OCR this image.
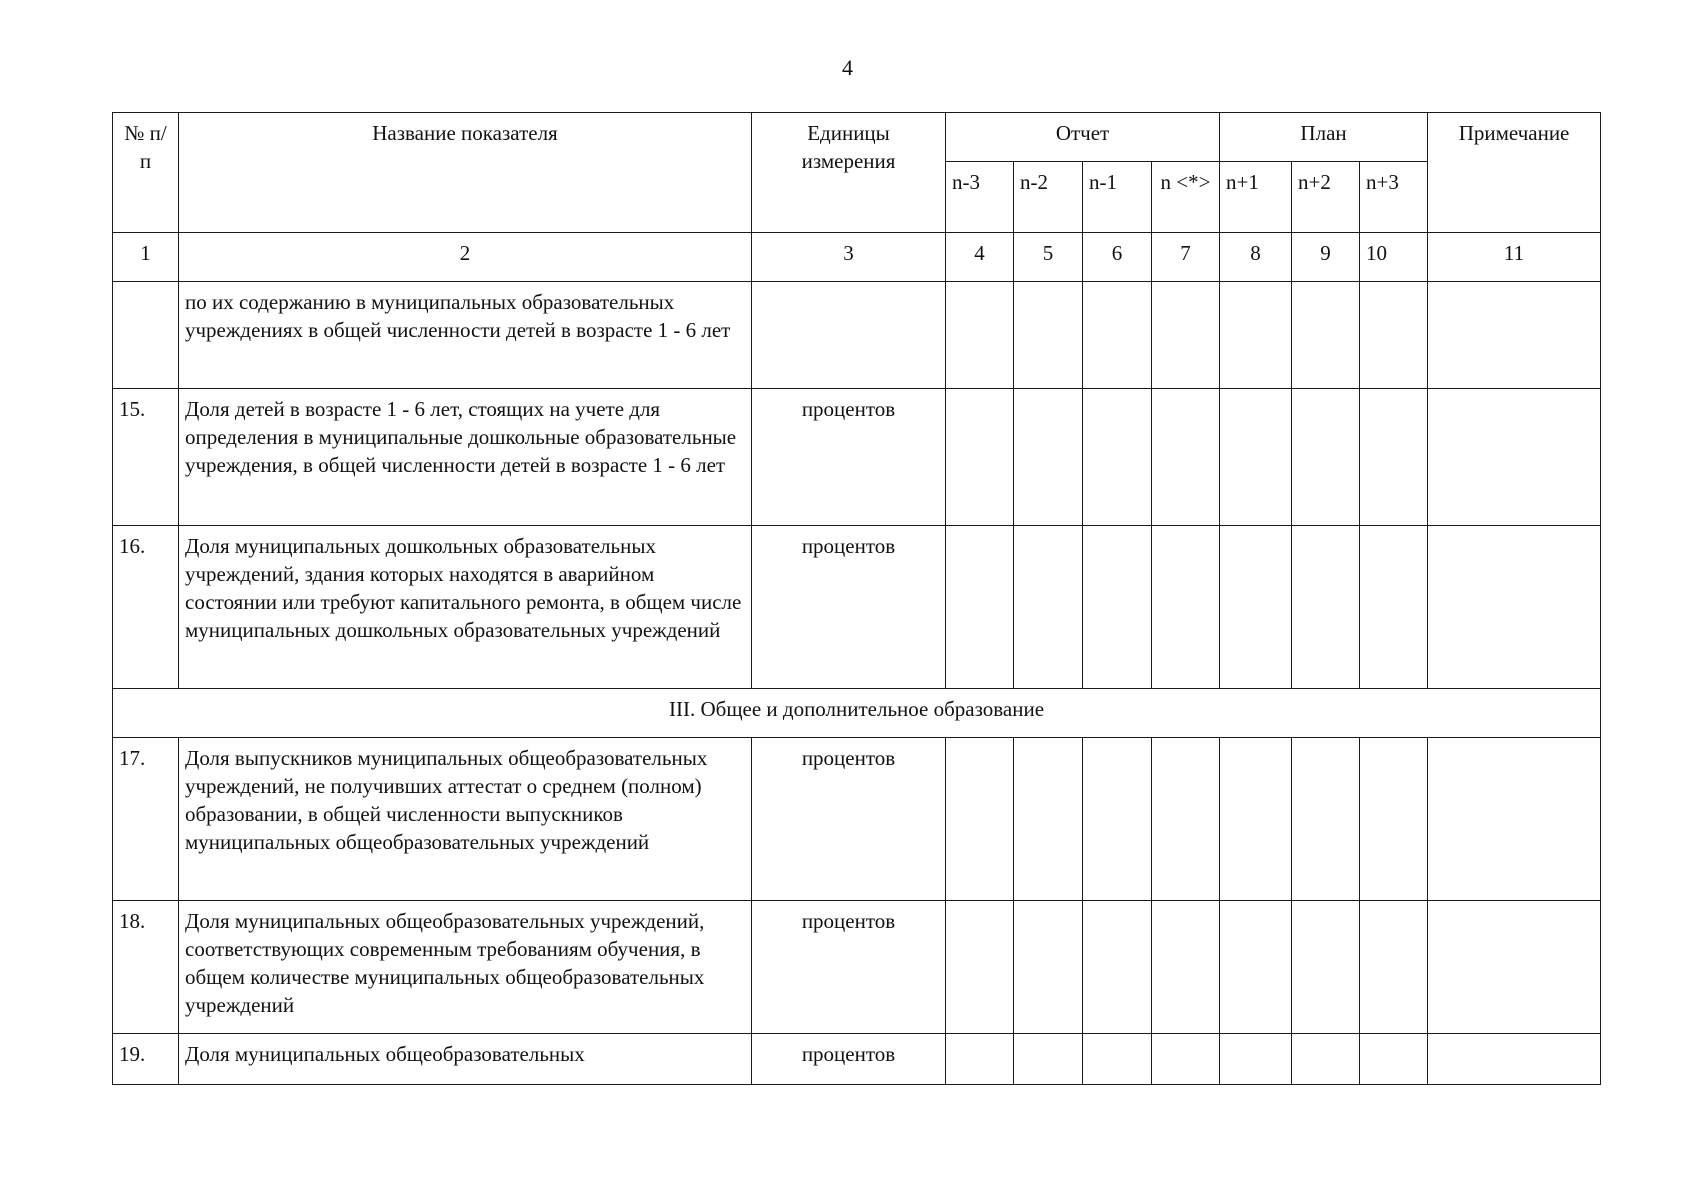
4
№ п/п	Название показателя	Единицы измерения	Отчет				План			Примечание
			n-3	n-2	n-1	n <*>	n+1	n+2	n+3	
1	2	3	4	5	6	7	8	9	10	11
	по их содержанию в муниципальных образовательных учреждениях в общей численности детей в возрасте 1 - 6 лет									
15.	Доля детей в возрасте 1 - 6 лет, стоящих на учете для определения в муниципальные дошкольные образовательные учреждения, в общей численности детей в возрасте 1 - 6 лет	процентов								
16.	Доля муниципальных дошкольных образовательных учреждений, здания которых находятся в аварийном состоянии или требуют капитального ремонта, в общем числе муниципальных дошкольных образовательных учреждений	процентов								
III. Общее и дополнительное образование										
17.	Доля выпускников муниципальных общеобразовательных учреждений, не получивших аттестат о среднем (полном) образовании, в общей численности выпускников муниципальных общеобразовательных учреждений	процентов								
18.	Доля муниципальных общеобразовательных учреждений, соответствующих современным требованиям обучения, в общем количестве муниципальных общеобразовательных учреждений	процентов								
19.	Доля муниципальных общеобразовательных	процентов								
